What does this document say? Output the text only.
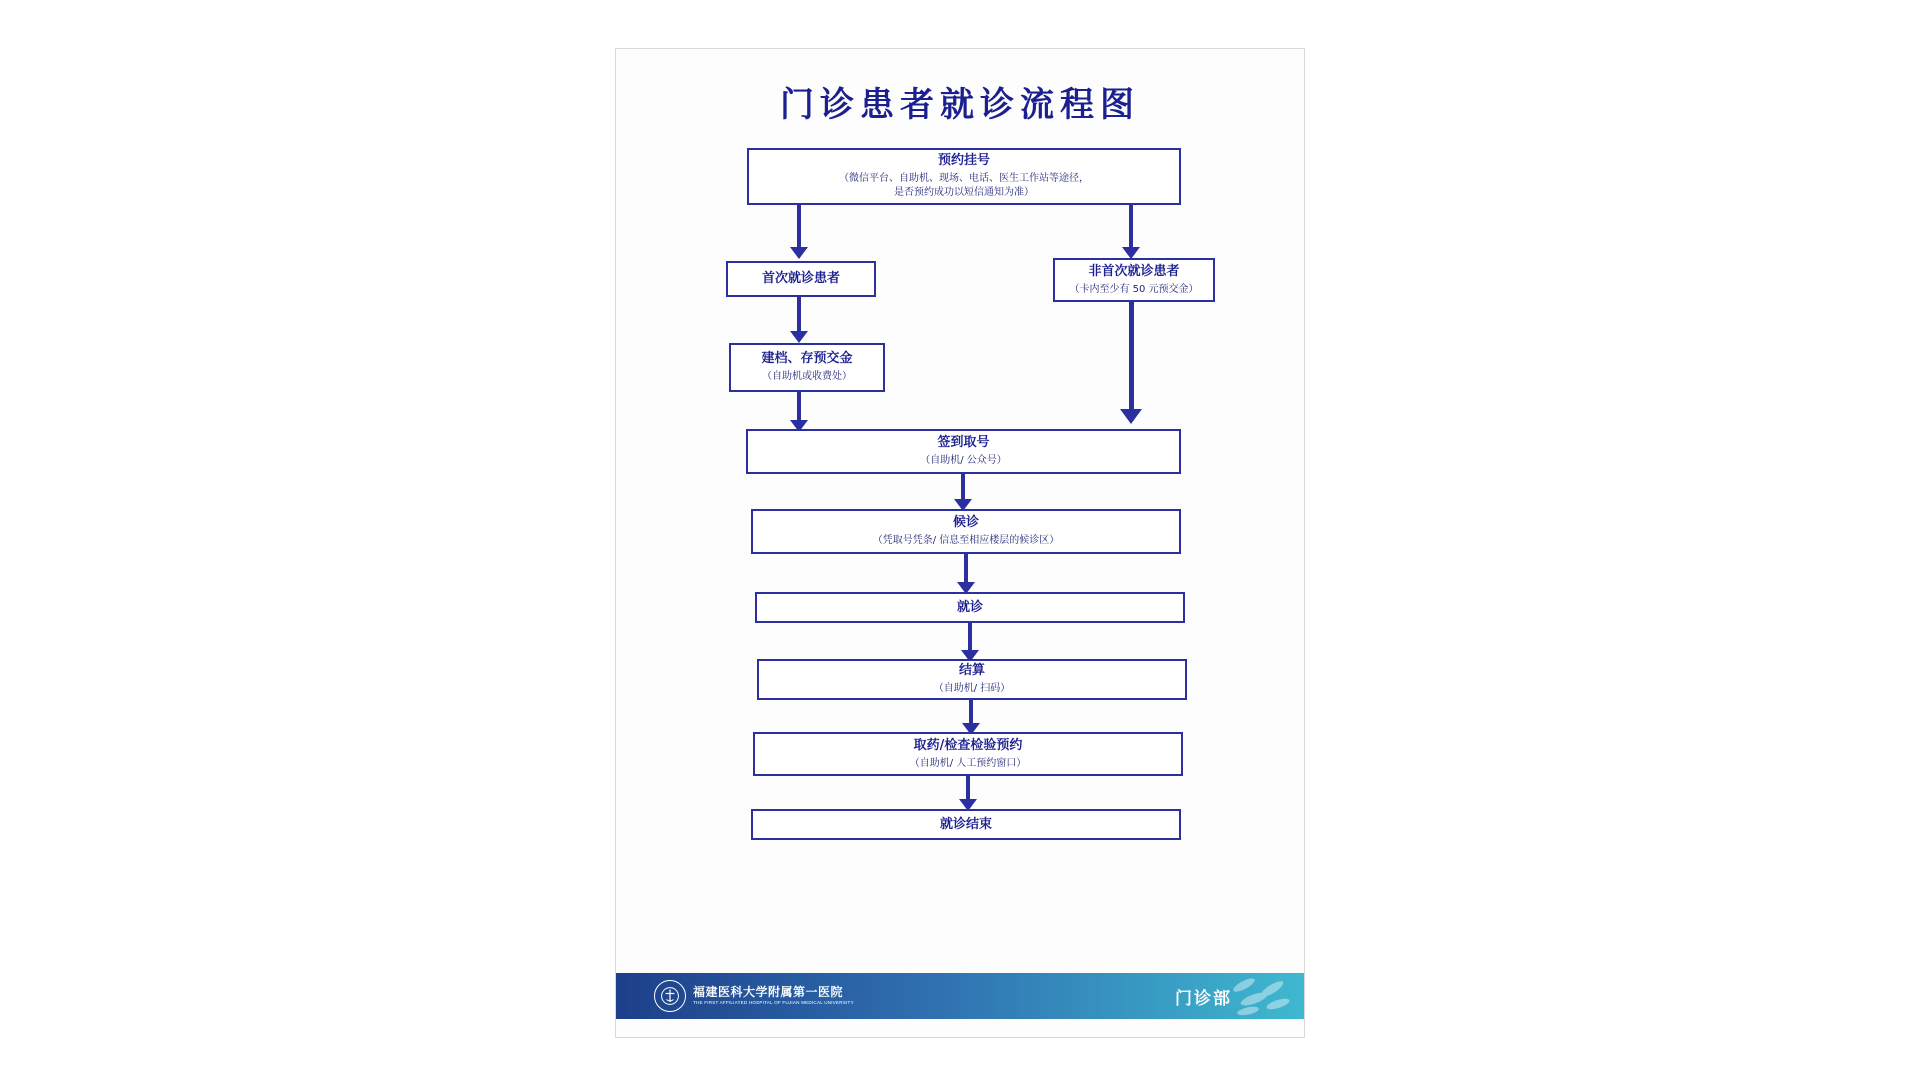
门诊患者就诊流程图
预约挂号
（微信平台、自助机、现场、电话、医生工作站等途径，
是否预约成功以短信通知为准）
首次就诊患者	非首次就诊患者
（卡内至少有 50 元预交金）
建档、存预交金
（自助机或收费处）
签到取号
（自助机/ 公众号）
候诊
（凭取号凭条/ 信息至相应楼层的候诊区）
就诊
结算
（自助机/ 扫码）
取药/检查检验预约
（自助机/ 人工预约窗口）
就诊结束
福建医科大学附属第一医院
THE FIRST AFFILIATED HOSPITAL OF FUJIAN MEDICAL UNIVERSITY	门诊部
